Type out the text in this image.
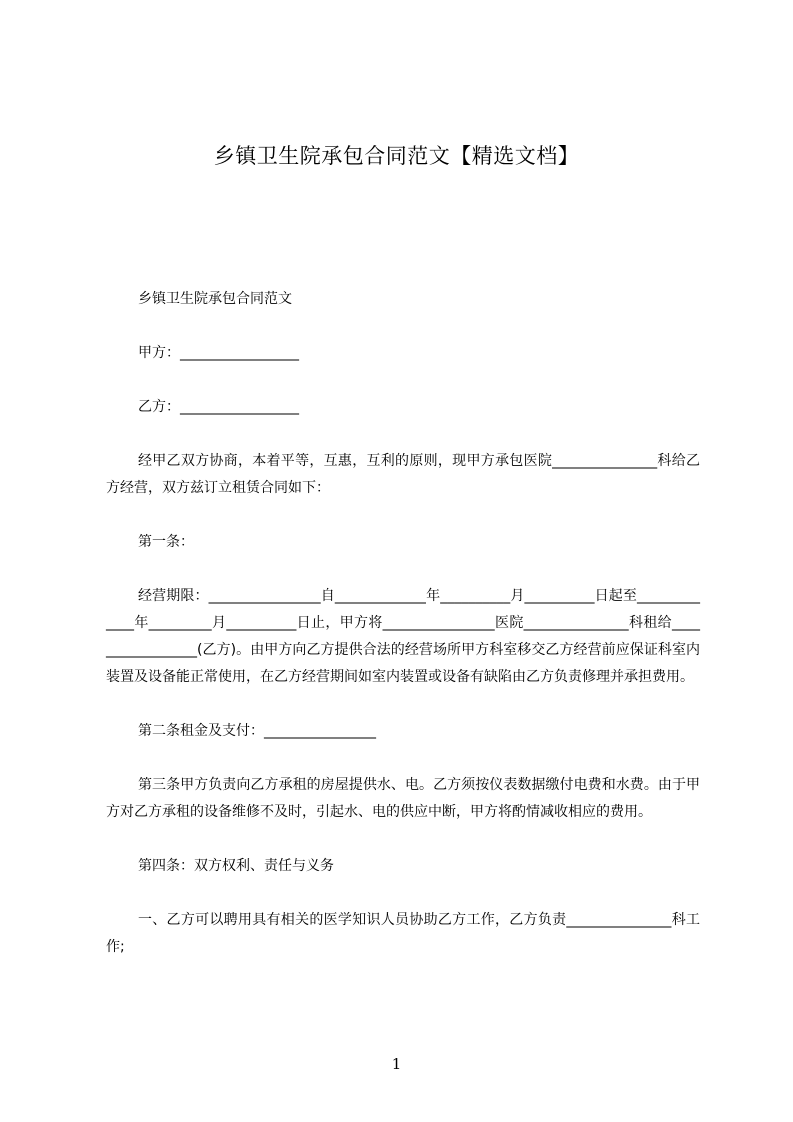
乡镇卫生院承包合同范文【精选文档】

乡镇卫生院承包合同范文

甲方：_________________

乙方：_________________

经甲乙双方协商，本着平等，互惠，互利的原则，现甲方承包医院_______________科给乙方经营，双方兹订立租赁合同如下：

第一条：

经营期限：________________自_____________年__________月__________日起至_____________年_________月__________日止，甲方将________________医院_______________科租给_________________(乙方)。由甲方向乙方提供合法的经营场所甲方科室移交乙方经营前应保证科室内装置及设备能正常使用，在乙方经营期间如室内装置或设备有缺陷由乙方负责修理并承担费用。

第二条租金及支付：________________

第三条甲方负责向乙方承租的房屋提供水、电。乙方须按仪表数据缴付电费和水费。由于甲方对乙方承租的设备维修不及时，引起水、电的供应中断，甲方将酌情减收相应的费用。

第四条：双方权利、责任与义务

一、乙方可以聘用具有相关的医学知识人员协助乙方工作，乙方负责_______________科工作;

1
